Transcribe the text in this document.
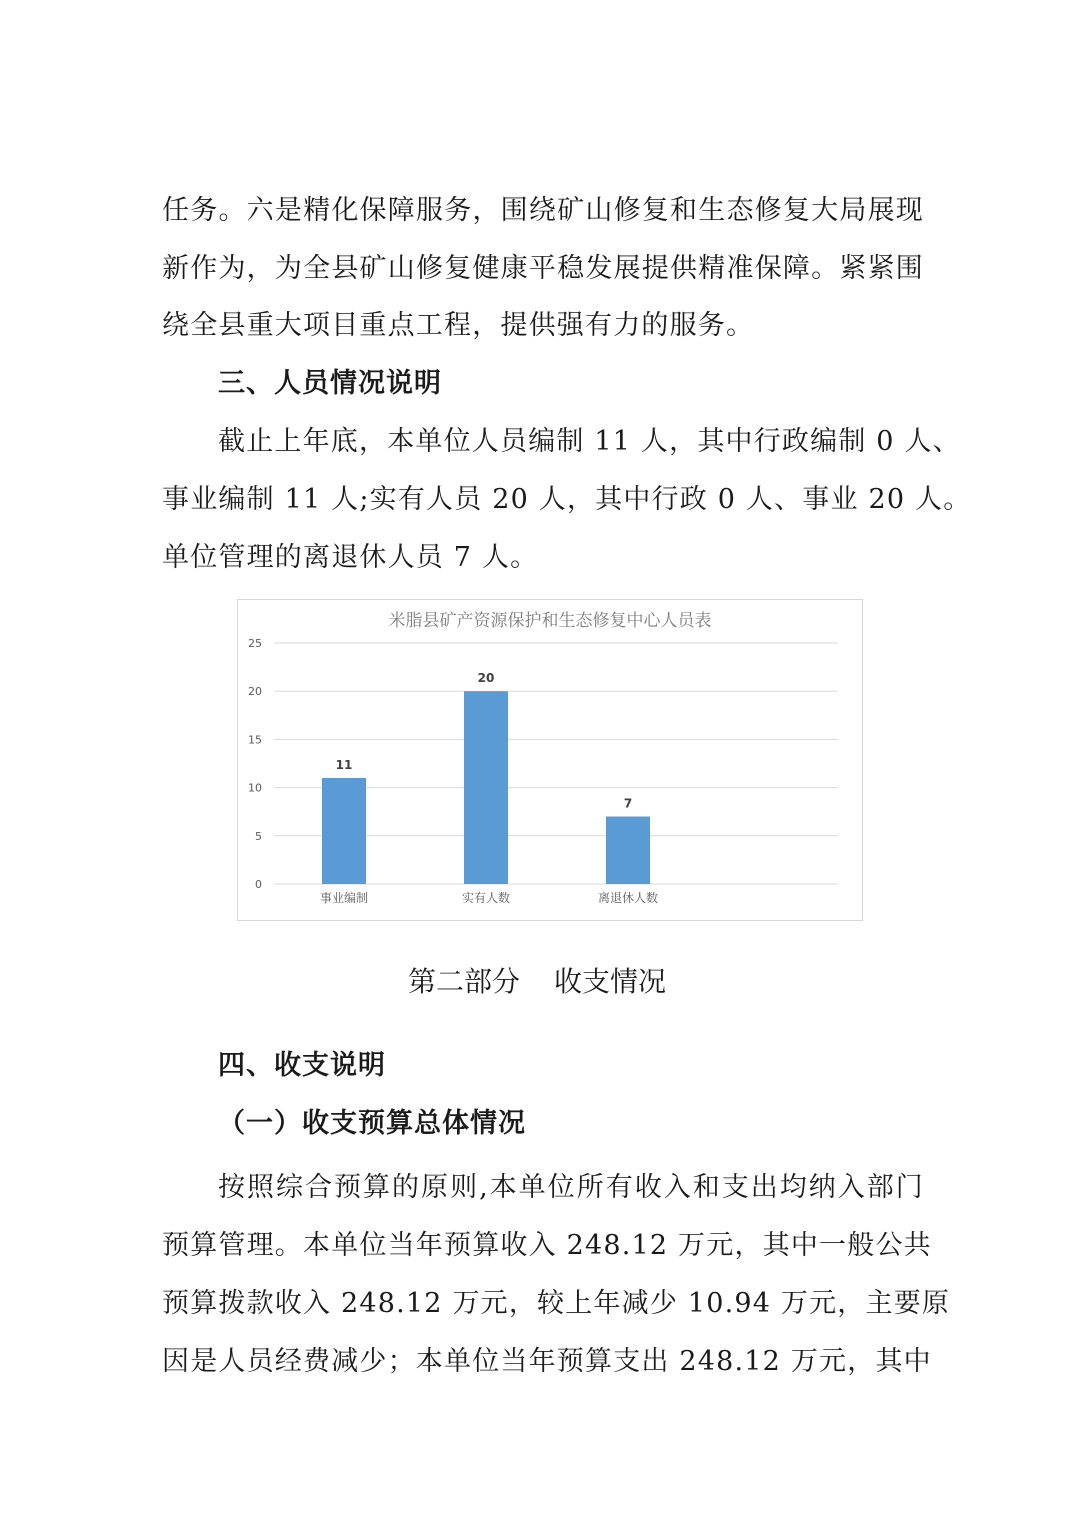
任务。六是精化保障服务，围绕矿山修复和生态修复大局展现
新作为，为全县矿山修复健康平稳发展提供精准保障。紧紧围
绕全县重大项目重点工程，提供强有力的服务。
三、人员情况说明
截止上年底，本单位人员编制 11 人，其中行政编制 0 人、
事业编制 11 人;实有人员 20 人，其中行政 0 人、事业 20 人。
单位管理的离退休人员 7 人。
米脂县矿产资源保护和生态修复中心人员表
0
5
10
15
20
25
11
事业编制
20
实有人数
7
离退休人数
第二部分 收支情况
四、收支说明
（一）收支预算总体情况
按照综合预算的原则,本单位所有收入和支出均纳入部门
预算管理。本单位当年预算收入 248.12 万元，其中一般公共
预算拨款收入 248.12 万元，较上年减少 10.94 万元，主要原
因是人员经费减少；本单位当年预算支出 248.12 万元，其中
